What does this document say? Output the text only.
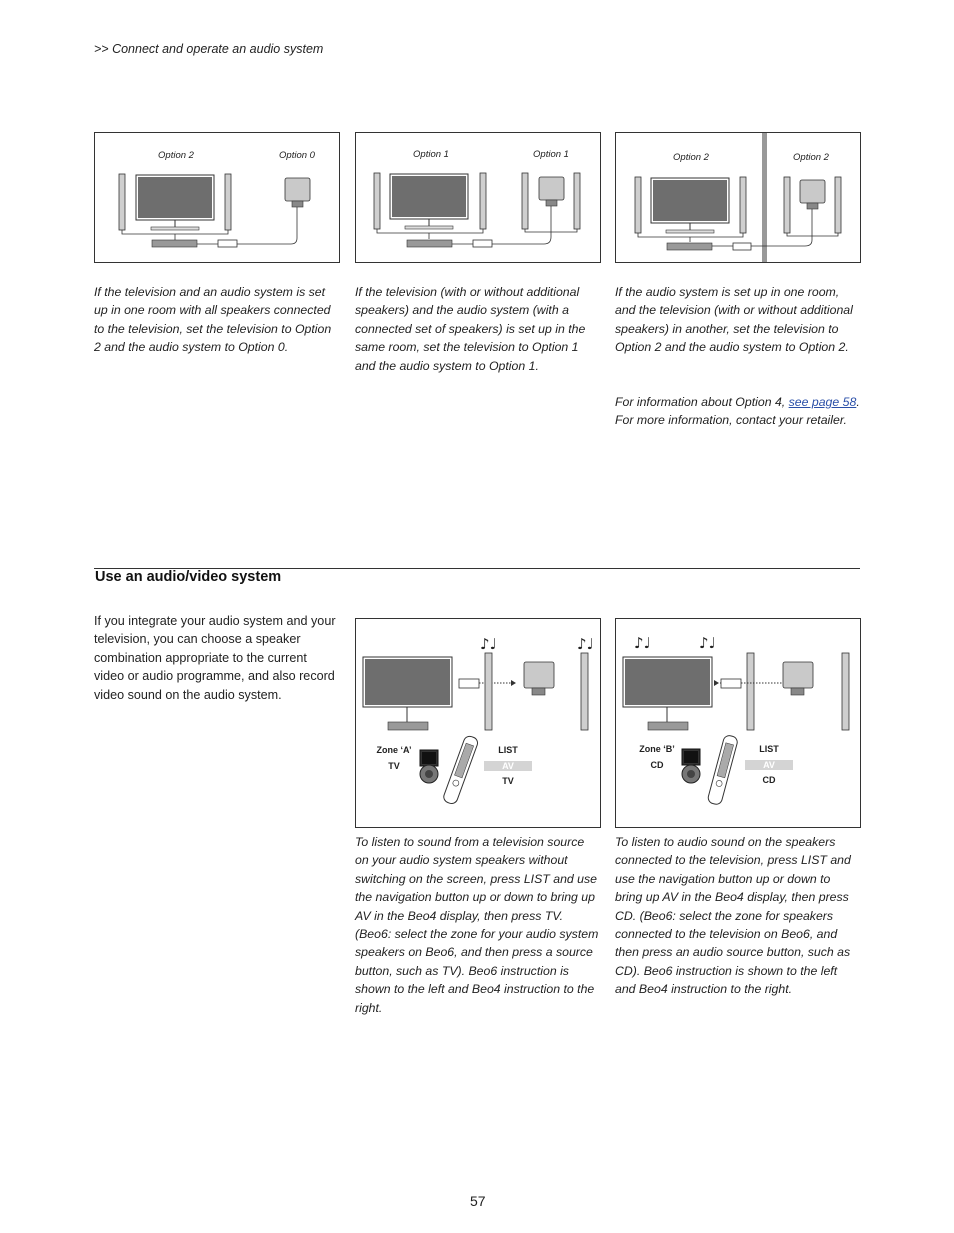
>> Connect and operate an audio system
Option 2	Option 0	Option 1	Option 1	Option 2	Option 2
If the television and an audio system is set up in one room with all speakers connected to the television, set the television to Option 2 and the audio system to Option 0.
If the television (with or without additional speakers) and the audio system (with a connected set of speakers) is set up in the same room, set the television to Option 1 and the audio system to Option 1.
If the audio system is set up in one room, and the television (with or without additional speakers) in another, set the television to Option 2 and the audio system to Option 2.
For information about Option 4, see page 58. For more information, contact your retailer.
Use an audio/video system
If you integrate your audio system and your television, you can choose a speaker combination appropriate to the current video or audio programme, and also record video sound on the audio system.
♪♩	♪♩
Zone ‘A’
TV
LIST
AV
TV
♪♩	♪♩
Zone ‘B’
CD
LIST
AV
CD
To listen to sound from a television source on your audio system speakers without switching on the screen, press LIST and use the navigation button up or down to bring up AV in the Beo4 display, then press TV. (Beo6: select the zone for your audio system speakers on Beo6, and then press a source button, such as TV). Beo6 instruction is shown to the left and Beo4 instruction to the right.
To listen to audio sound on the speakers connected to the television, press LIST and use the navigation button up or down to bring up AV in the Beo4 display, then press CD. (Beo6: select the zone for speakers connected to the television on Beo6, and then press an audio source button, such as CD). Beo6 instruction is shown to the left and Beo4 instruction to the right.
57
